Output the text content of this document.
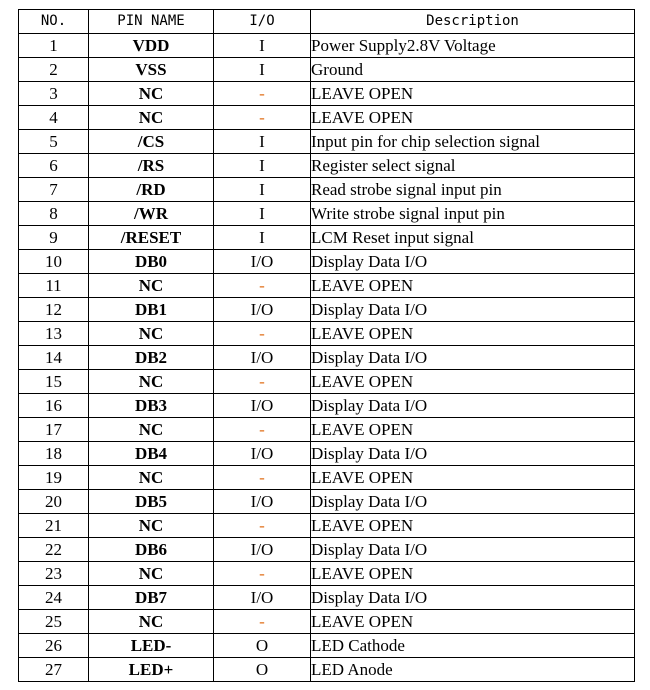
NO.	PIN NAME	I/O	Description
1	VDD	I	Power Supply2.8V Voltage
2	VSS	I	Ground
3	NC	-	LEAVE OPEN
4	NC	-	LEAVE OPEN
5	/CS	I	Input pin for chip selection signal
6	/RS	I	Register select signal
7	/RD	I	Read strobe signal input pin
8	/WR	I	Write strobe signal input pin
9	/RESET	I	LCM Reset input signal
10	DB0	I/O	Display Data I/O
11	NC	-	LEAVE OPEN
12	DB1	I/O	Display Data I/O
13	NC	-	LEAVE OPEN
14	DB2	I/O	Display Data I/O
15	NC	-	LEAVE OPEN
16	DB3	I/O	Display Data I/O
17	NC	-	LEAVE OPEN
18	DB4	I/O	Display Data I/O
19	NC	-	LEAVE OPEN
20	DB5	I/O	Display Data I/O
21	NC	-	LEAVE OPEN
22	DB6	I/O	Display Data I/O
23	NC	-	LEAVE OPEN
24	DB7	I/O	Display Data I/O
25	NC	-	LEAVE OPEN
26	LED-	O	LED Cathode
27	LED+	O	LED Anode
